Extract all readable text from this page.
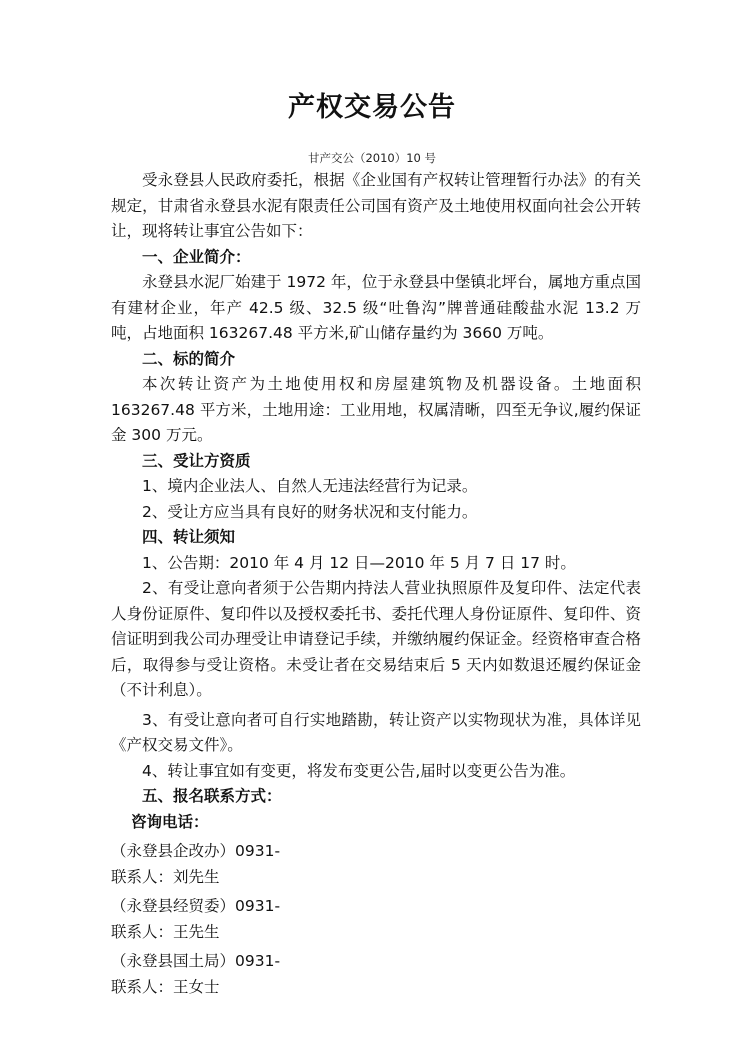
产权交易公告
甘产交公（2010）10 号

受永登县人民政府委托，根据《企业国有产权转让管理暂行办法》的有关规定，甘肃省永登县水泥有限责任公司国有资产及土地使用权面向社会公开转让，现将转让事宜公告如下：

一、企业简介：

永登县水泥厂始建于 1972 年，位于永登县中堡镇北坪台，属地方重点国有建材企业，年产 42.5 级、32.5 级“吐鲁沟”牌普通硅酸盐水泥 13.2 万吨，占地面积 163267.48 平方米,矿山储存量约为 3660 万吨。

二、标的简介

本次转让资产为土地使用权和房屋建筑物及机器设备。土地面积 163267.48 平方米，土地用途：工业用地，权属清晰，四至无争议,履约保证金 300 万元。

三、受让方资质

1、境内企业法人、自然人无违法经营行为记录。

2、受让方应当具有良好的财务状况和支付能力。

四、转让须知

1、公告期：2010 年 4 月 12 日—2010 年 5 月 7 日 17 时。

2、有受让意向者须于公告期内持法人营业执照原件及复印件、法定代表人身份证原件、复印件以及授权委托书、委托代理人身份证原件、复印件、资信证明到我公司办理受让申请登记手续，并缴纳履约保证金。经资格审查合格后，取得参与受让资格。未受让者在交易结束后 5 天内如数退还履约保证金（不计利息）。

3、有受让意向者可自行实地踏勘，转让资产以实物现状为准，具体详见《产权交易文件》。

4、转让事宜如有变更，将发布变更公告,届时以变更公告为准。

五、报名联系方式：

咨询电话：

（永登县企改办）0931-

联系人：刘先生

（永登县经贸委）0931-

联系人：王先生

（永登县国土局）0931-

联系人：王女士
